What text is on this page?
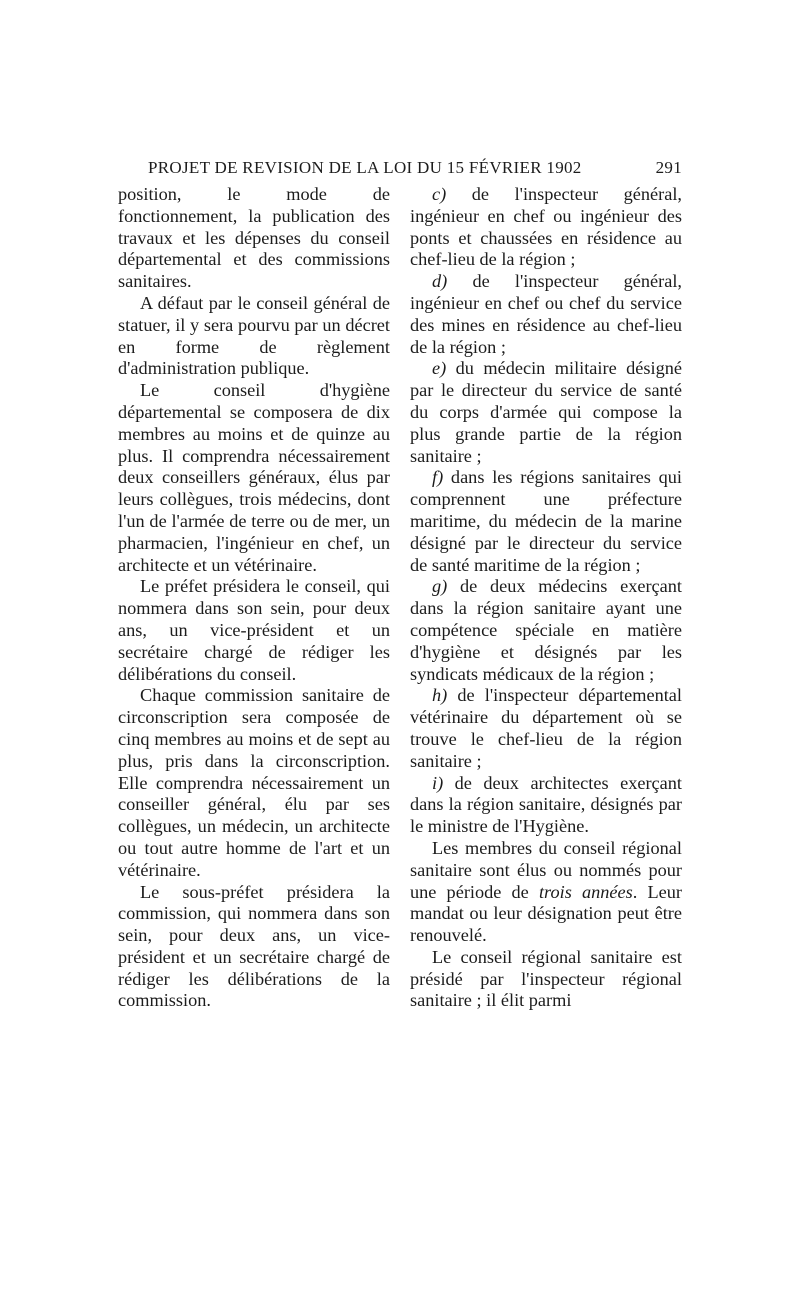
PROJET DE REVISION DE LA LOI DU 15 FÉVRIER 1902	291

position, le mode de fonctionnement, la publication des travaux et les dépenses du conseil départemental et des commissions sanitaires.

A défaut par le conseil général de statuer, il y sera pourvu par un décret en forme de règlement d'administration publique.

Le conseil d'hygiène départemental se composera de dix membres au moins et de quinze au plus. Il comprendra nécessairement deux conseillers généraux, élus par leurs collègues, trois médecins, dont l'un de l'armée de terre ou de mer, un pharmacien, l'ingénieur en chef, un architecte et un vétérinaire.

Le préfet présidera le conseil, qui nommera dans son sein, pour deux ans, un vice-président et un secrétaire chargé de rédiger les délibérations du conseil.

Chaque commission sanitaire de circonscription sera composée de cinq membres au moins et de sept au plus, pris dans la circonscription. Elle comprendra nécessairement un conseiller général, élu par ses collègues, un médecin, un architecte ou tout autre homme de l'art et un vétérinaire.

Le sous-préfet présidera la commission, qui nommera dans son sein, pour deux ans, un vice-président et un secrétaire chargé de rédiger les délibérations de la commission.

c) de l'inspecteur général, ingénieur en chef ou ingénieur des ponts et chaussées en résidence au chef-lieu de la région ;

d) de l'inspecteur général, ingénieur en chef ou chef du service des mines en résidence au chef-lieu de la région ;

e) du médecin militaire désigné par le directeur du service de santé du corps d'armée qui compose la plus grande partie de la région sanitaire ;

f) dans les régions sanitaires qui comprennent une préfecture maritime, du médecin de la marine désigné par le directeur du service de santé maritime de la région ;

g) de deux médecins exerçant dans la région sanitaire ayant une compétence spéciale en matière d'hygiène et désignés par les syndicats médicaux de la région ;

h) de l'inspecteur départemental vétérinaire du département où se trouve le chef-lieu de la région sanitaire ;

i) de deux architectes exerçant dans la région sanitaire, désignés par le ministre de l'Hygiène.

Les membres du conseil régional sanitaire sont élus ou nommés pour une période de trois années. Leur mandat ou leur désignation peut être renouvelé.

Le conseil régional sanitaire est présidé par l'inspecteur régional sanitaire ; il élit parmi
